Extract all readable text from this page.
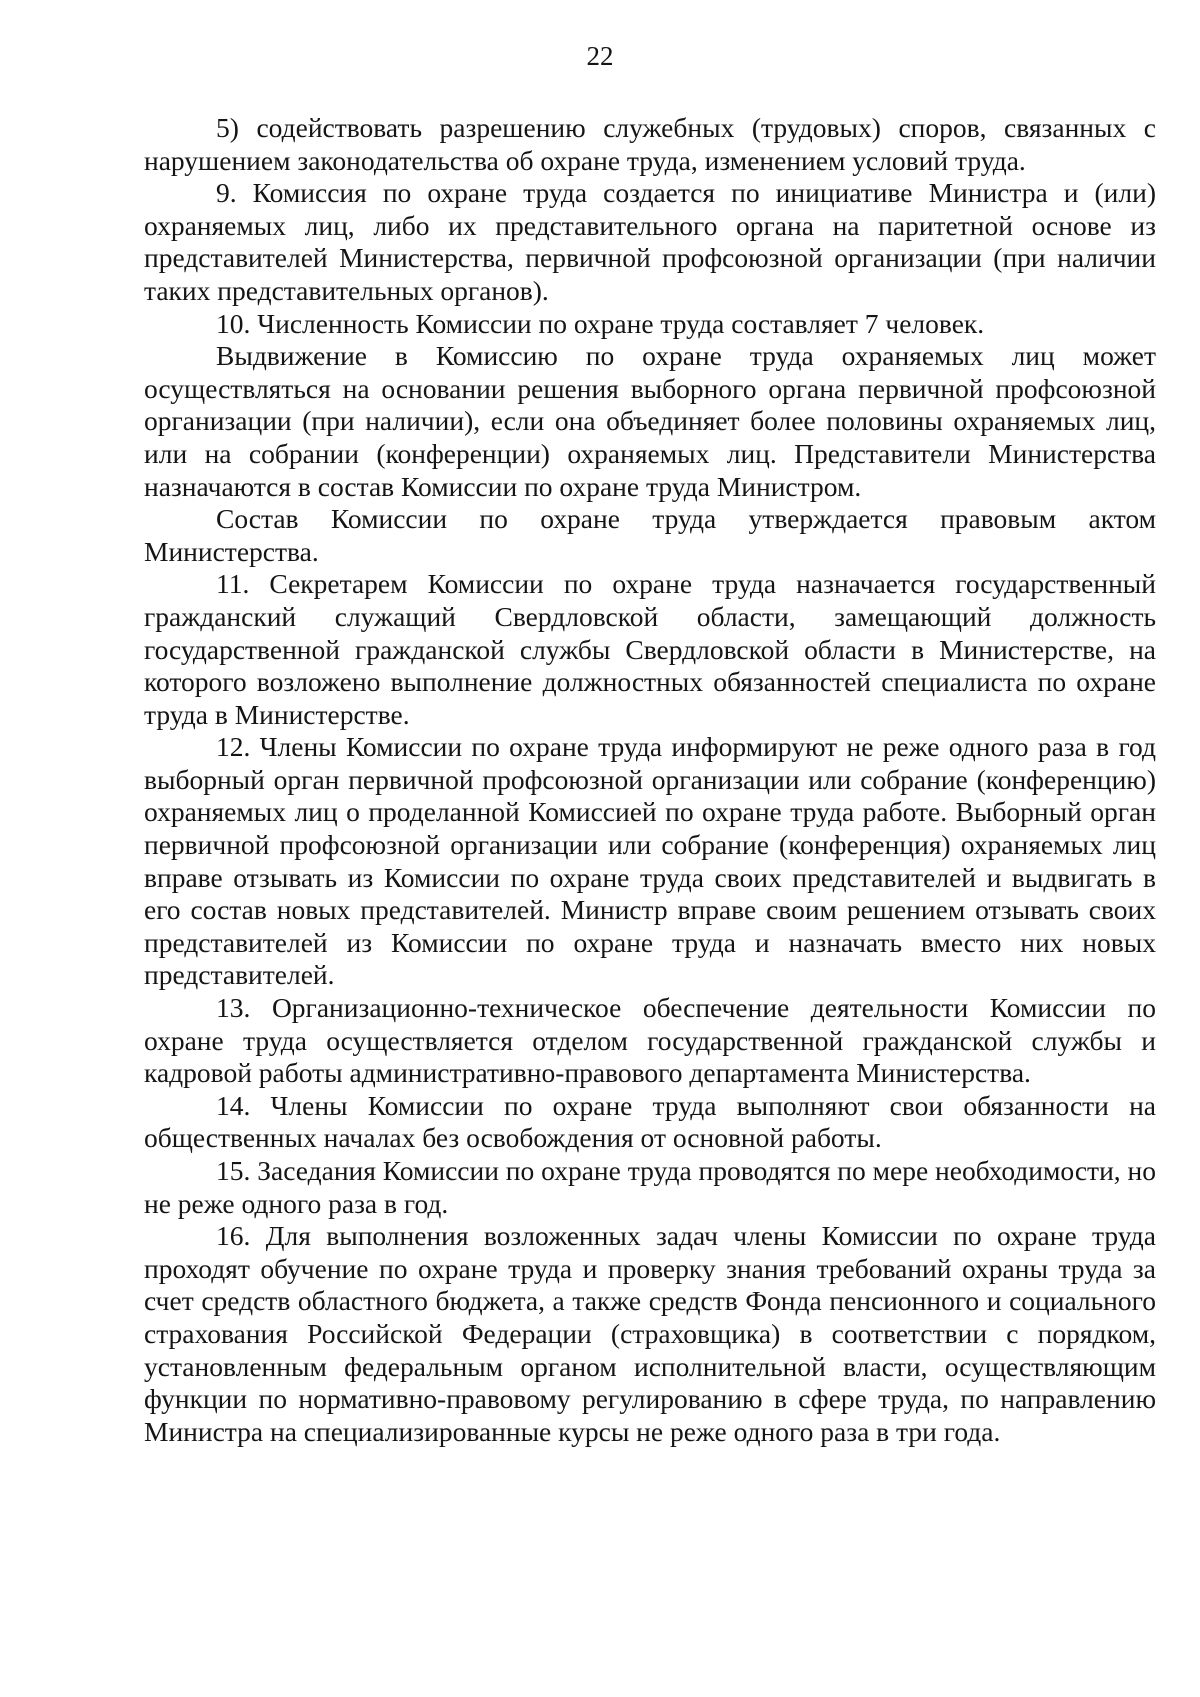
22

5) содействовать разрешению служебных (трудовых) споров, связанных с нарушением законодательства об охране труда, изменением условий труда.

9. Комиссия по охране труда создается по инициативе Министра и (или) охраняемых лиц, либо их представительного органа на паритетной основе из представителей Министерства, первичной профсоюзной организации (при наличии таких представительных органов).

10. Численность Комиссии по охране труда составляет 7 человек.

Выдвижение в Комиссию по охране труда охраняемых лиц может осуществляться на основании решения выборного органа первичной профсоюзной организации (при наличии), если она объединяет более половины охраняемых лиц, или на собрании (конференции) охраняемых лиц. Представители Министерства назначаются в состав Комиссии по охране труда Министром.

Состав Комиссии по охране труда утверждается правовым актом Министерства.

11. Секретарем Комиссии по охране труда назначается государственный гражданский служащий Свердловской области, замещающий должность государственной гражданской службы Свердловской области в Министерстве, на которого возложено выполнение должностных обязанностей специалиста по охране труда в Министерстве.

12. Члены Комиссии по охране труда информируют не реже одного раза в год выборный орган первичной профсоюзной организации или собрание (конференцию) охраняемых лиц о проделанной Комиссией по охране труда работе. Выборный орган первичной профсоюзной организации или собрание (конференция) охраняемых лиц вправе отзывать из Комиссии по охране труда своих представителей и выдвигать в его состав новых представителей. Министр вправе своим решением отзывать своих представителей из Комиссии по охране труда и назначать вместо них новых представителей.

13. Организационно-техническое обеспечение деятельности Комиссии по охране труда осуществляется отделом государственной гражданской службы и кадровой работы административно-правового департамента Министерства.

14. Члены Комиссии по охране труда выполняют свои обязанности на общественных началах без освобождения от основной работы.

15. Заседания Комиссии по охране труда проводятся по мере необходимости, но не реже одного раза в год.

16. Для выполнения возложенных задач члены Комиссии по охране труда проходят обучение по охране труда и проверку знания требований охраны труда за счет средств областного бюджета, а также средств Фонда пенсионного и социального страхования Российской Федерации (страховщика) в соответствии с порядком, установленным федеральным органом исполнительной власти, осуществляющим функции по нормативно-правовому регулированию в сфере труда, по направлению Министра на специализированные курсы не реже одного раза в три года.
